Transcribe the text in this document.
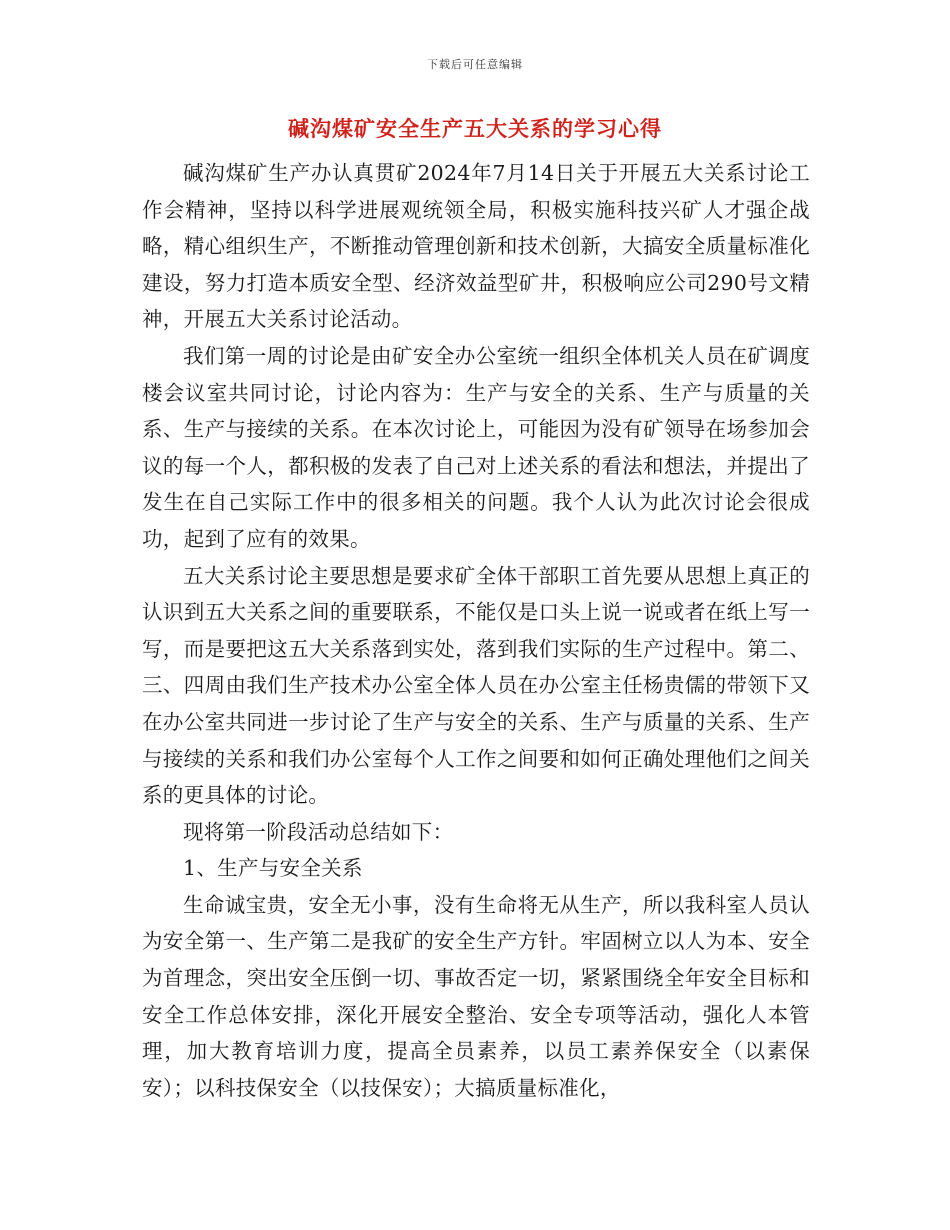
下载后可任意编辑
碱沟煤矿安全生产五大关系的学习心得

碱沟煤矿生产办认真贯矿2024年7月14日关于开展五大关系讨论工作会精神，坚持以科学进展观统领全局，积极实施科技兴矿人才强企战略，精心组织生产，不断推动管理创新和技术创新，大搞安全质量标准化建设，努力打造本质安全型、经济效益型矿井，积极响应公司290号文精神，开展五大关系讨论活动。

我们第一周的讨论是由矿安全办公室统一组织全体机关人员在矿调度楼会议室共同讨论，讨论内容为：生产与安全的关系、生产与质量的关系、生产与接续的关系。在本次讨论上，可能因为没有矿领导在场参加会议的每一个人，都积极的发表了自己对上述关系的看法和想法，并提出了发生在自己实际工作中的很多相关的问题。我个人认为此次讨论会很成功，起到了应有的效果。

五大关系讨论主要思想是要求矿全体干部职工首先要从思想上真正的认识到五大关系之间的重要联系，不能仅是口头上说一说或者在纸上写一写，而是要把这五大关系落到实处，落到我们实际的生产过程中。第二、三、四周由我们生产技术办公室全体人员在办公室主任杨贵儒的带领下又在办公室共同进一步讨论了生产与安全的关系、生产与质量的关系、生产与接续的关系和我们办公室每个人工作之间要和如何正确处理他们之间关系的更具体的讨论。

现将第一阶段活动总结如下：

1、生产与安全关系

生命诚宝贵，安全无小事，没有生命将无从生产，所以我科室人员认为安全第一、生产第二是我矿的安全生产方针。牢固树立以人为本、安全为首理念，突出安全压倒一切、事故否定一切，紧紧围绕全年安全目标和安全工作总体安排，深化开展安全整治、安全专项等活动，强化人本管理，加大教育培训力度，提高全员素养，以员工素养保安全（以素保安）；以科技保安全（以技保安）；大搞质量标准化，
